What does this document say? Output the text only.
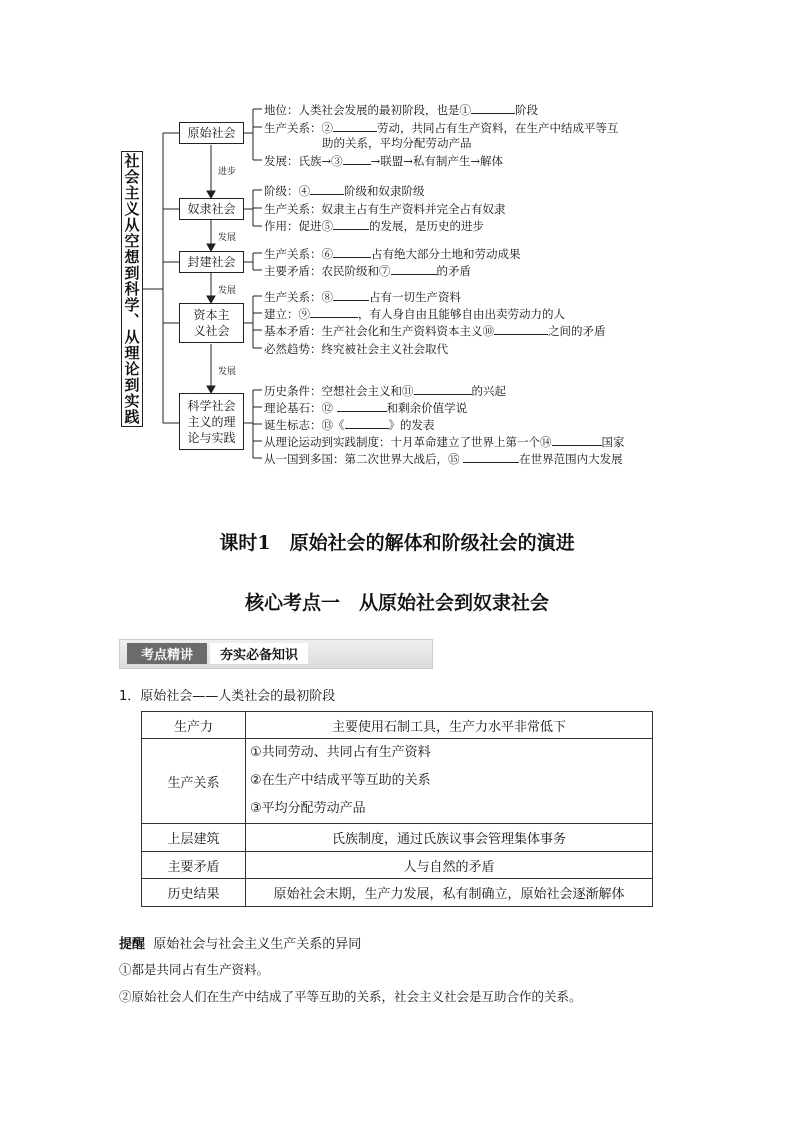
社会主义从空想到科学、从理论到实践
原始社会
奴隶社会
封建社会
资本主义社会
科学社会主义的理论与实践
进步
发展
发展
发展
地位：人类社会发展的最初阶段，也是①	阶段
生产关系：②	劳动，共同占有生产资料，在生产中结成平等互
助的关系，平均分配劳动产品
发展：氏族→③ →联盟→私有制产生→解体
阶级：④	阶级和奴隶阶级
生产关系：奴隶主占有生产资料并完全占有奴隶
作用：促进⑤	的发展，是历史的进步
生产关系：⑥	占有绝大部分土地和劳动成果
主要矛盾：农民阶级和⑦	的矛盾
生产关系：⑧	占有一切生产资料
建立：⑨	，有人身自由且能够自由出卖劳动力的人
基本矛盾：生产社会化和生产资料资本主义⑩	之间的矛盾
必然趋势：终究被社会主义社会取代
历史条件：空想社会主义和⑪	的兴起
理论基石：⑫	和剩余价值学说
诞生标志：⑬《	》的发表
从理论运动到实践制度：十月革命建立了世界上第一个⑭	国家
从一国到多国：第二次世界大战后，⑮	在世界范围内大发展
课时1　原始社会的解体和阶级社会的演进
核心考点一　从原始社会到奴隶社会
考点精讲	夯实必备知识
1．原始社会——人类社会的最初阶段
生产力	主要使用石制工具，生产力水平非常低下
生产关系	①共同劳动、共同占有生产资料
②在生产中结成平等互助的关系
③平均分配劳动产品

上层建筑	氏族制度，通过氏族议事会管理集体事务
主要矛盾	人与自然的矛盾
历史结果	原始社会末期，生产力发展，私有制确立，原始社会逐渐解体
提醒 原始社会与社会主义生产关系的异同
①都是共同占有生产资料。
②原始社会人们在生产中结成了平等互助的关系，社会主义社会是互助合作的关系。
